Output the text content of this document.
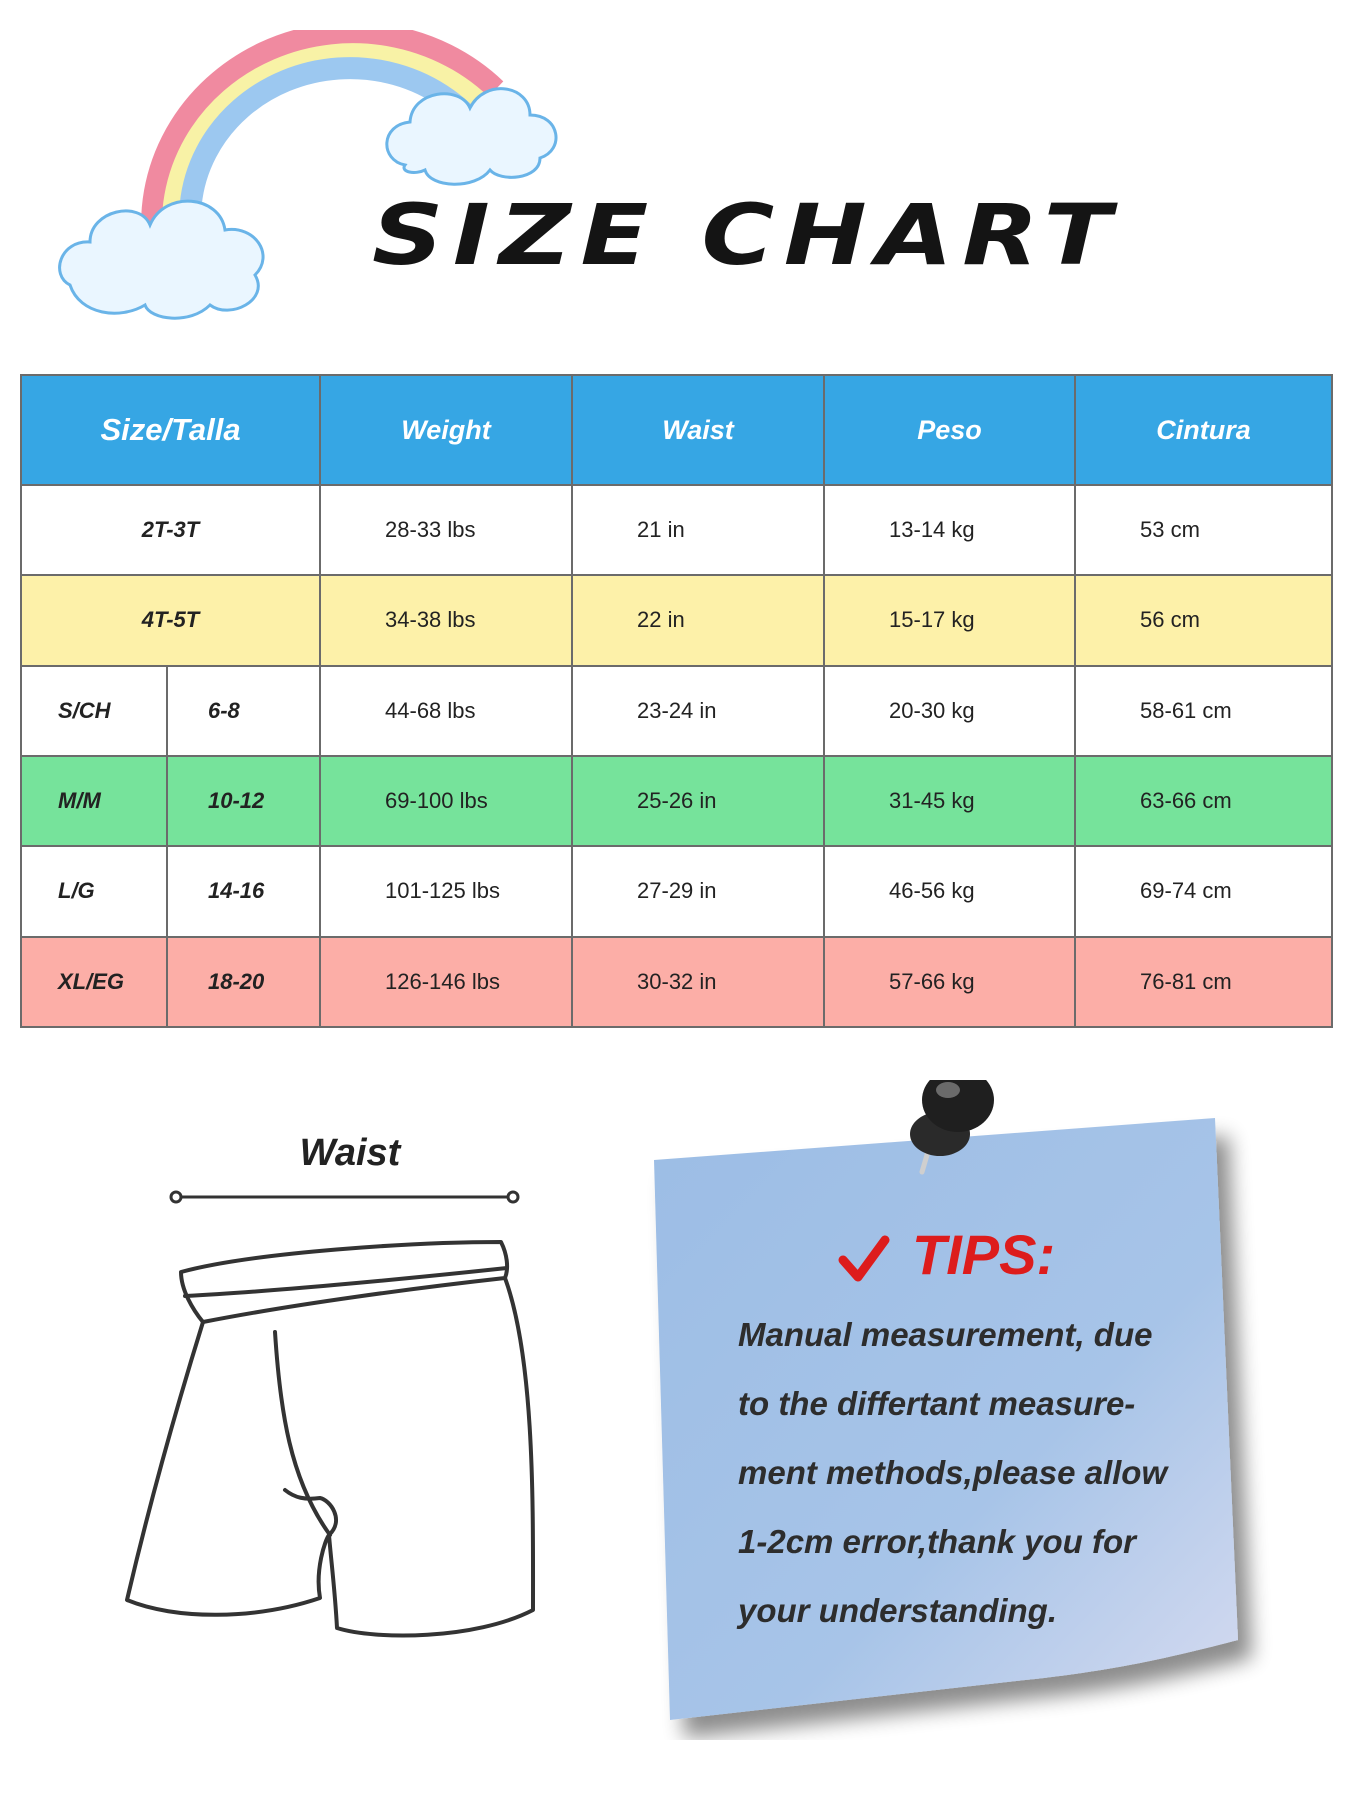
SIZE CHART
Size/Talla		Weight	Waist	Peso	Cintura
2T-3T		28-33 lbs	21 in	13-14 kg	53 cm
4T-5T		34-38 lbs	22 in	15-17 kg	56 cm
S/CH	6-8	44-68 lbs	23-24 in	20-30 kg	58-61 cm
M/M	10-12	69-100 lbs	25-26 in	31-45 kg	63-66 cm
L/G	14-16	101-125 lbs	27-29 in	46-56 kg	69-74 cm
XL/EG	18-20	126-146 lbs	30-32 in	57-66 kg	76-81 cm
Waist
TIPS:
Manual measurement, due
to the differtant measure-
ment methods,please allow
1-2cm error,thank you for
your understanding.
